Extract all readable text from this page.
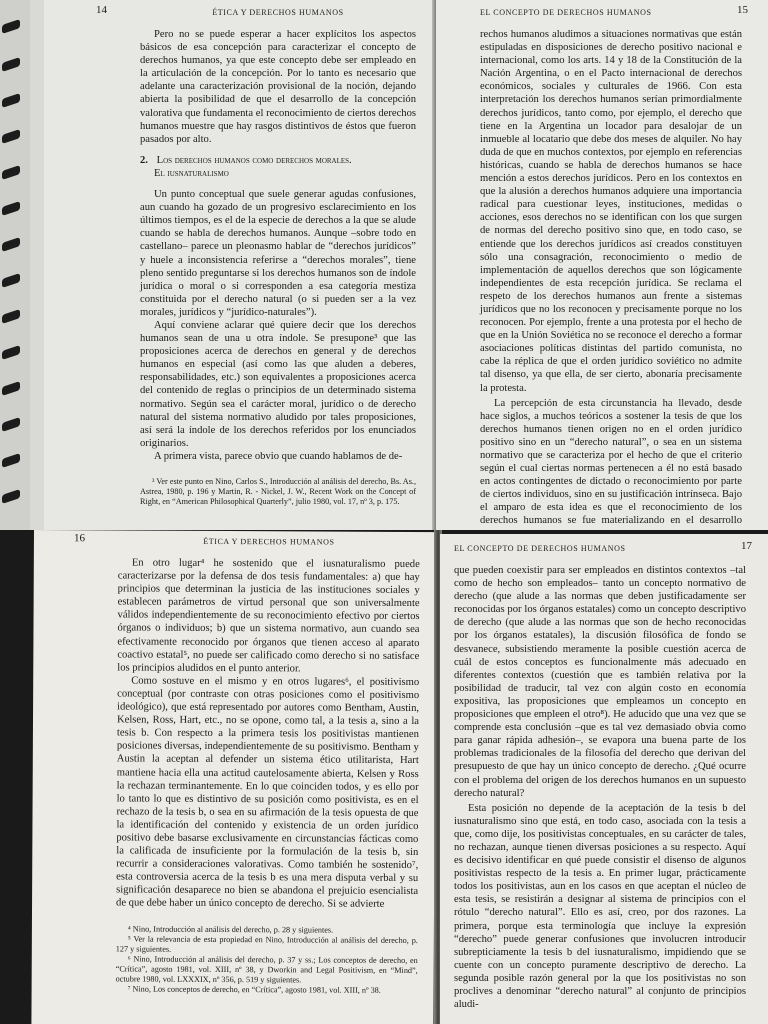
14	ÉTICA Y DERECHOS HUMANOS

Pero no se puede esperar a hacer explícitos los aspectos básicos de esa concepción para caracterizar el concepto de derechos humanos, ya que este concepto debe ser empleado en la articulación de la concepción. Por lo tanto es necesario que adelante una caracterización provisional de la noción, dejando abierta la posibilidad de que el desarrollo de la concepción valorativa que fundamenta el reconocimiento de ciertos derechos humanos muestre que hay rasgos distintivos de éstos que fueron pasados por alto.

2. Los derechos humanos como derechos morales.
El iusnaturalismo

Un punto conceptual que suele generar agudas confusiones, aun cuando ha gozado de un progresivo esclarecimiento en los últimos tiempos, es el de la especie de derechos a la que se alude cuando se habla de derechos humanos. Aunque –sobre todo en castellano– parece un pleonasmo hablar de “derechos jurídicos” y huele a inconsistencia referirse a “derechos morales”, tiene pleno sentido preguntarse si los derechos humanos son de índole jurídica o moral o si corresponden a esa categoría mestiza constituida por el derecho natural (o si pueden ser a la vez morales, jurídicos y “jurídico-naturales”).

Aquí conviene aclarar qué quiere decir que los derechos humanos sean de una u otra índole. Se presupone³ que las proposiciones acerca de derechos en general y de derechos humanos en especial (así como las que aluden a deberes, responsabilidades, etc.) son equivalentes a proposiciones acerca del contenido de reglas o principios de un determinado sistema normativo. Según sea el carácter moral, jurídico o de derecho natural del sistema normativo aludido por tales proposiciones, así será la índole de los derechos referidos por los enunciados originarios.

A primera vista, parece obvio que cuando hablamos de de-

³ Ver este punto en Nino, Carlos S., Introducción al análisis del derecho, Bs. As., Astrea, 1980, p. 196 y Martin, R. - Nickel, J. W., Recent Work on the Concept of Right, en “American Philosophical Quarterly”, julio 1980, vol. 17, nº 3, p. 175.

EL CONCEPTO DE DERECHOS HUMANOS	15

rechos humanos aludimos a situaciones normativas que están estipuladas en disposiciones de derecho positivo nacional e internacional, como los arts. 14 y 18 de la Constitución de la Nación Argentina, o en el Pacto internacional de derechos económicos, sociales y culturales de 1966. Con esta interpretación los derechos humanos serían primordialmente derechos jurídicos, tanto como, por ejemplo, el derecho que tiene en la Argentina un locador para desalojar de un inmueble al locatario que debe dos meses de alquiler. No hay duda de que en muchos contextos, por ejemplo en referencias históricas, cuando se habla de derechos humanos se hace mención a estos derechos jurídicos. Pero en los contextos en que la alusión a derechos humanos adquiere una importancia radical para cuestionar leyes, instituciones, medidas o acciones, esos derechos no se identifican con los que surgen de normas del derecho positivo sino que, en todo caso, se entiende que los derechos jurídicos así creados constituyen sólo una consagración, reconocimiento o medio de implementación de aquellos derechos que son lógicamente independientes de esta recepción jurídica. Se reclama el respeto de los derechos humanos aun frente a sistemas jurídicos que no los reconocen y precisamente porque no los reconocen. Por ejemplo, frente a una protesta por el hecho de que en la Unión Soviética no se reconoce el derecho a formar asociaciones políticas distintas del partido comunista, no cabe la réplica de que el orden jurídico soviético no admite tal disenso, ya que ella, de ser cierto, abonaría precisamente la protesta.

La percepción de esta circunstancia ha llevado, desde hace siglos, a muchos teóricos a sostener la tesis de que los derechos humanos tienen origen no en el orden jurídico positivo sino en un “derecho natural”, o sea en un sistema normativo que se caracteriza por el hecho de que el criterio según el cual ciertas normas pertenecen a él no está basado en actos contingentes de dictado o reconocimiento por parte de ciertos individuos, sino en su justificación intrínseca. Bajo el amparo de esta idea es que el reconocimiento de los derechos humanos se fue materializando en el desarrollo

16	ÉTICA Y DERECHOS HUMANOS

En otro lugar⁴ he sostenido que el iusnaturalismo puede caracterizarse por la defensa de dos tesis fundamentales: a) que hay principios que determinan la justicia de las instituciones sociales y establecen parámetros de virtud personal que son universalmente válidos independientemente de su reconocimiento efectivo por ciertos órganos o individuos; b) que un sistema normativo, aun cuando sea efectivamente reconocido por órganos que tienen acceso al aparato coactivo estatal⁵, no puede ser calificado como derecho si no satisface los principios aludidos en el punto anterior.

Como sostuve en el mismo y en otros lugares⁶, el positivismo conceptual (por contraste con otras posiciones como el positivismo ideológico), que está representado por autores como Bentham, Austin, Kelsen, Ross, Hart, etc., no se opone, como tal, a la tesis a, sino a la tesis b. Con respecto a la primera tesis los positivistas mantienen posiciones diversas, independientemente de su positivismo. Bentham y Austin la aceptan al defender un sistema ético utilitarista, Hart mantiene hacia ella una actitud cautelosamente abierta, Kelsen y Ross la rechazan terminantemente. En lo que coinciden todos, y es ello por lo tanto lo que es distintivo de su posición como positivista, es en el rechazo de la tesis b, o sea en su afirmación de la tesis opuesta de que la identificación del contenido y existencia de un orden jurídico positivo debe basarse exclusivamente en circunstancias fácticas como la calificada de insuficiente por la formulación de la tesis b, sin recurrir a consideraciones valorativas. Como también he sostenido⁷, esta controversia acerca de la tesis b es una mera disputa verbal y su significación desaparece no bien se abandona el prejuicio esencialista de que debe haber un único concepto de derecho. Si se advierte

⁴ Nino, Introducción al análisis del derecho, p. 28 y siguientes.

⁵ Ver la relevancia de esta propiedad en Nino, Introducción al análisis del derecho, p. 127 y siguientes.

⁶ Nino, Introducción al análisis del derecho, p. 37 y ss.; Los conceptos de derecho, en “Crítica”, agosto 1981, vol. XIII, nº 38, y Dworkin and Legal Positivism, en “Mind”, octubre 1980, vol. LXXXIX, nº 356, p. 519 y siguientes.

⁷ Nino, Los conceptos de derecho, en “Crítica”, agosto 1981, vol. XIII, nº 38.

EL CONCEPTO DE DERECHOS HUMANOS	17

que pueden coexistir para ser empleados en distintos contextos –tal como de hecho son empleados– tanto un concepto normativo de derecho (que alude a las normas que deben justificadamente ser reconocidas por los órganos estatales) como un concepto descriptivo de derecho (que alude a las normas que son de hecho reconocidas por los órganos estatales), la discusión filosófica de fondo se desvanece, subsistiendo meramente la posible cuestión acerca de cuál de estos conceptos es funcionalmente más adecuado en diferentes contextos (cuestión que es también relativa por la posibilidad de traducir, tal vez con algún costo en economía expositiva, las proposiciones que empleamos un concepto en proposiciones que empleen el otro⁸). He aducido que una vez que se comprende esta conclusión –que es tal vez demasiado obvia como para ganar rápida adhesión–, se evapora una buena parte de los problemas tradicionales de la filosofía del derecho que derivan del presupuesto de que hay un único concepto de derecho. ¿Qué ocurre con el problema del origen de los derechos humanos en un supuesto derecho natural?

Esta posición no depende de la aceptación de la tesis b del iusnaturalismo sino que está, en todo caso, asociada con la tesis a que, como dije, los positivistas conceptuales, en su carácter de tales, no rechazan, aunque tienen diversas posiciones a su respecto. Aquí es decisivo identificar en qué puede consistir el disenso de algunos positivistas respecto de la tesis a. En primer lugar, prácticamente todos los positivistas, aun en los casos en que aceptan el núcleo de esta tesis, se resistirán a designar al sistema de principios con el rótulo “derecho natural”. Ello es así, creo, por dos razones. La primera, porque esta terminología que incluye la expresión “derecho” puede generar confusiones que involucren introducir subrepticiamente la tesis b del iusnaturalismo, impidiendo que se cuente con un concepto puramente descriptivo de derecho. La segunda posible razón general por la que los positivistas no son proclives a denominar “derecho natural” al conjunto de principios aludi-
